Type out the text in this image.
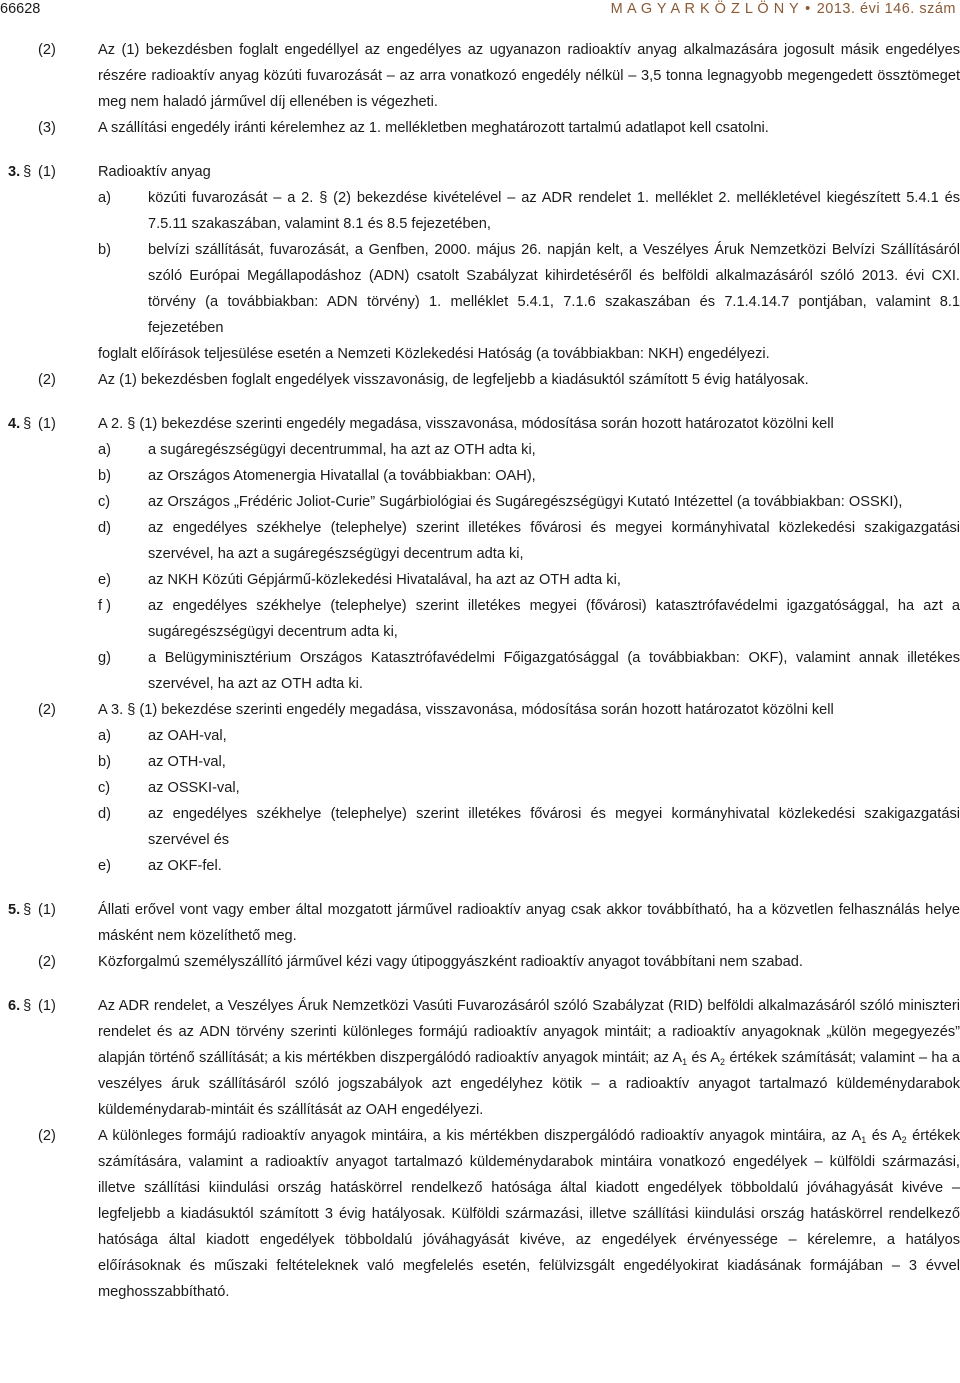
66628	M A G Y A R K Ö Z L Ö N Y • 2013. évi 146. szám
(2)	Az (1) bekezdésben foglalt engedéllyel az engedélyes az ugyanazon radioaktív anyag alkalmazására jogosult másik engedélyes részére radioaktív anyag közúti fuvarozását – az arra vonatkozó engedély nélkül – 3,5 tonna legnagyobb megengedett össztömeget meg nem haladó járművel díj ellenében is végezheti.
(3)	A szállítási engedély iránti kérelemhez az 1. mellékletben meghatározott tartalmú adatlapot kell csatolni.
3. § (1)	Radioaktív anyag
a)	közúti fuvarozását – a 2. § (2) bekezdése kivételével – az ADR rendelet 1. melléklet 2. mellékletével kiegészített 5.4.1 és 7.5.11 szakaszában, valamint 8.1 és 8.5 fejezetében,
b)	belvízi szállítását, fuvarozását, a Genfben, 2000. május 26. napján kelt, a Veszélyes Áruk Nemzetközi Belvízi Szállításáról szóló Európai Megállapodáshoz (ADN) csatolt Szabályzat kihirdetéséről és belföldi alkalmazásáról szóló 2013. évi CXI. törvény (a továbbiakban: ADN törvény) 1. melléklet 5.4.1, 7.1.6 szakaszában és 7.1.4.14.7 pontjában, valamint 8.1 fejezetében
foglalt előírások teljesülése esetén a Nemzeti Közlekedési Hatóság (a továbbiakban: NKH) engedélyezi.
(2)	Az (1) bekezdésben foglalt engedélyek visszavonásig, de legfeljebb a kiadásuktól számított 5 évig hatályosak.
4. § (1)	A 2. § (1) bekezdése szerinti engedély megadása, visszavonása, módosítása során hozott határozatot közölni kell
a)	a sugáregészségügyi decentrummal, ha azt az OTH adta ki,
b)	az Országos Atomenergia Hivatallal (a továbbiakban: OAH),
c)	az Országos „Frédéric Joliot-Curie” Sugárbiológiai és Sugáregészségügyi Kutató Intézettel (a továbbiakban: OSSKI),
d)	az engedélyes székhelye (telephelye) szerint illetékes fővárosi és megyei kormányhivatal közlekedési szakigazgatási szervével, ha azt a sugáregészségügyi decentrum adta ki,
e)	az NKH Közúti Gépjármű-közlekedési Hivatalával, ha azt az OTH adta ki,
f )	az engedélyes székhelye (telephelye) szerint illetékes megyei (fővárosi) katasztrófavédelmi igazgatósággal, ha azt a sugáregészségügyi decentrum adta ki,
g)	a Belügyminisztérium Országos Katasztrófavédelmi Főigazgatósággal (a továbbiakban: OKF), valamint annak illetékes szervével, ha azt az OTH adta ki.
(2)	A 3. § (1) bekezdése szerinti engedély megadása, visszavonása, módosítása során hozott határozatot közölni kell
a)	az OAH-val,
b)	az OTH-val,
c)	az OSSKI-val,
d)	az engedélyes székhelye (telephelye) szerint illetékes fővárosi és megyei kormányhivatal közlekedési szakigazgatási szervével és
e)	az OKF-fel.
5. § (1)	Állati erővel vont vagy ember által mozgatott járművel radioaktív anyag csak akkor továbbítható, ha a közvetlen felhasználás helye másként nem közelíthető meg.
(2)	Közforgalmú személyszállító járművel kézi vagy útipoggyászként radioaktív anyagot továbbítani nem szabad.
6. § (1)	Az ADR rendelet, a Veszélyes Áruk Nemzetközi Vasúti Fuvarozásáról szóló Szabályzat (RID) belföldi alkalmazásáról szóló miniszteri rendelet és az ADN törvény szerinti különleges formájú radioaktív anyagok mintáit; a radioaktív anyagoknak „külön megegyezés” alapján történő szállítását; a kis mértékben diszpergálódó radioaktív anyagok mintáit; az $A_1$ és $A_2$ értékek számítását; valamint – ha a veszélyes áruk szállításáról szóló jogszabályok azt engedélyhez kötik – a radioaktív anyagot tartalmazó küldeménydarabok küldeménydarab-mintáit és szállítását az OAH engedélyezi.
(2)	A különleges formájú radioaktív anyagok mintáira, a kis mértékben diszpergálódó radioaktív anyagok mintáira, az $A_1$ és $A_2$ értékek számítására, valamint a radioaktív anyagot tartalmazó küldeménydarabok mintáira vonatkozó engedélyek – külföldi származási, illetve szállítási kiindulási ország hatáskörrel rendelkező hatósága által kiadott engedélyek többoldalú jóváhagyását kivéve – legfeljebb a kiadásuktól számított 3 évig hatályosak. Külföldi származási, illetve szállítási kiindulási ország hatáskörrel rendelkező hatósága által kiadott engedélyek többoldalú jóváhagyását kivéve, az engedélyek érvényessége – kérelemre, a hatályos előírásoknak és műszaki feltételeknek való megfelelés esetén, felülvizsgált engedélyokirat kiadásának formájában – 3 évvel meghosszabbítható.
